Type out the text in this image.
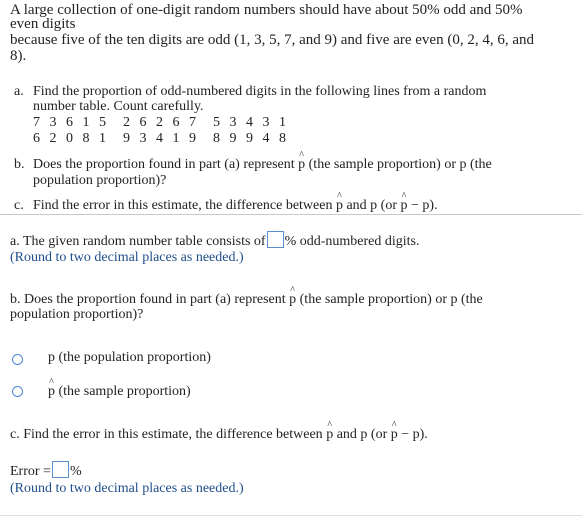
A large collection of one-digit random numbers should have about 50% odd and 50%
even digits
because five of the ten digits are odd (1, 3, 5, 7, and 9) and five are even (0, 2, 4, 6, and
8).
a. Find the proportion of odd-numbered digits in the following lines from a random
number table. Count carefully.
7 3 6 1 5 2 6 2 6 7 5 3 4 3 1
6 2 0 8 1 9 3 4 1 9 8 9 9 4 8
b. Does the proportion found in part (a) represent ^ p (the sample proportion) or p (the
population proportion)?
c. Find the error in this estimate, the difference between ^ p and p (or ^ p − p).
a. The given random number table consists of % odd-numbered digits.
(Round to two decimal places as needed.)
b. Does the proportion found in part (a) represent ^ p (the sample proportion) or p (the
population proportion)?
p (the population proportion)
^ p (the sample proportion)
c. Find the error in this estimate, the difference between ^ p and p (or ^ p − p).
Error = %
(Round to two decimal places as needed.)
